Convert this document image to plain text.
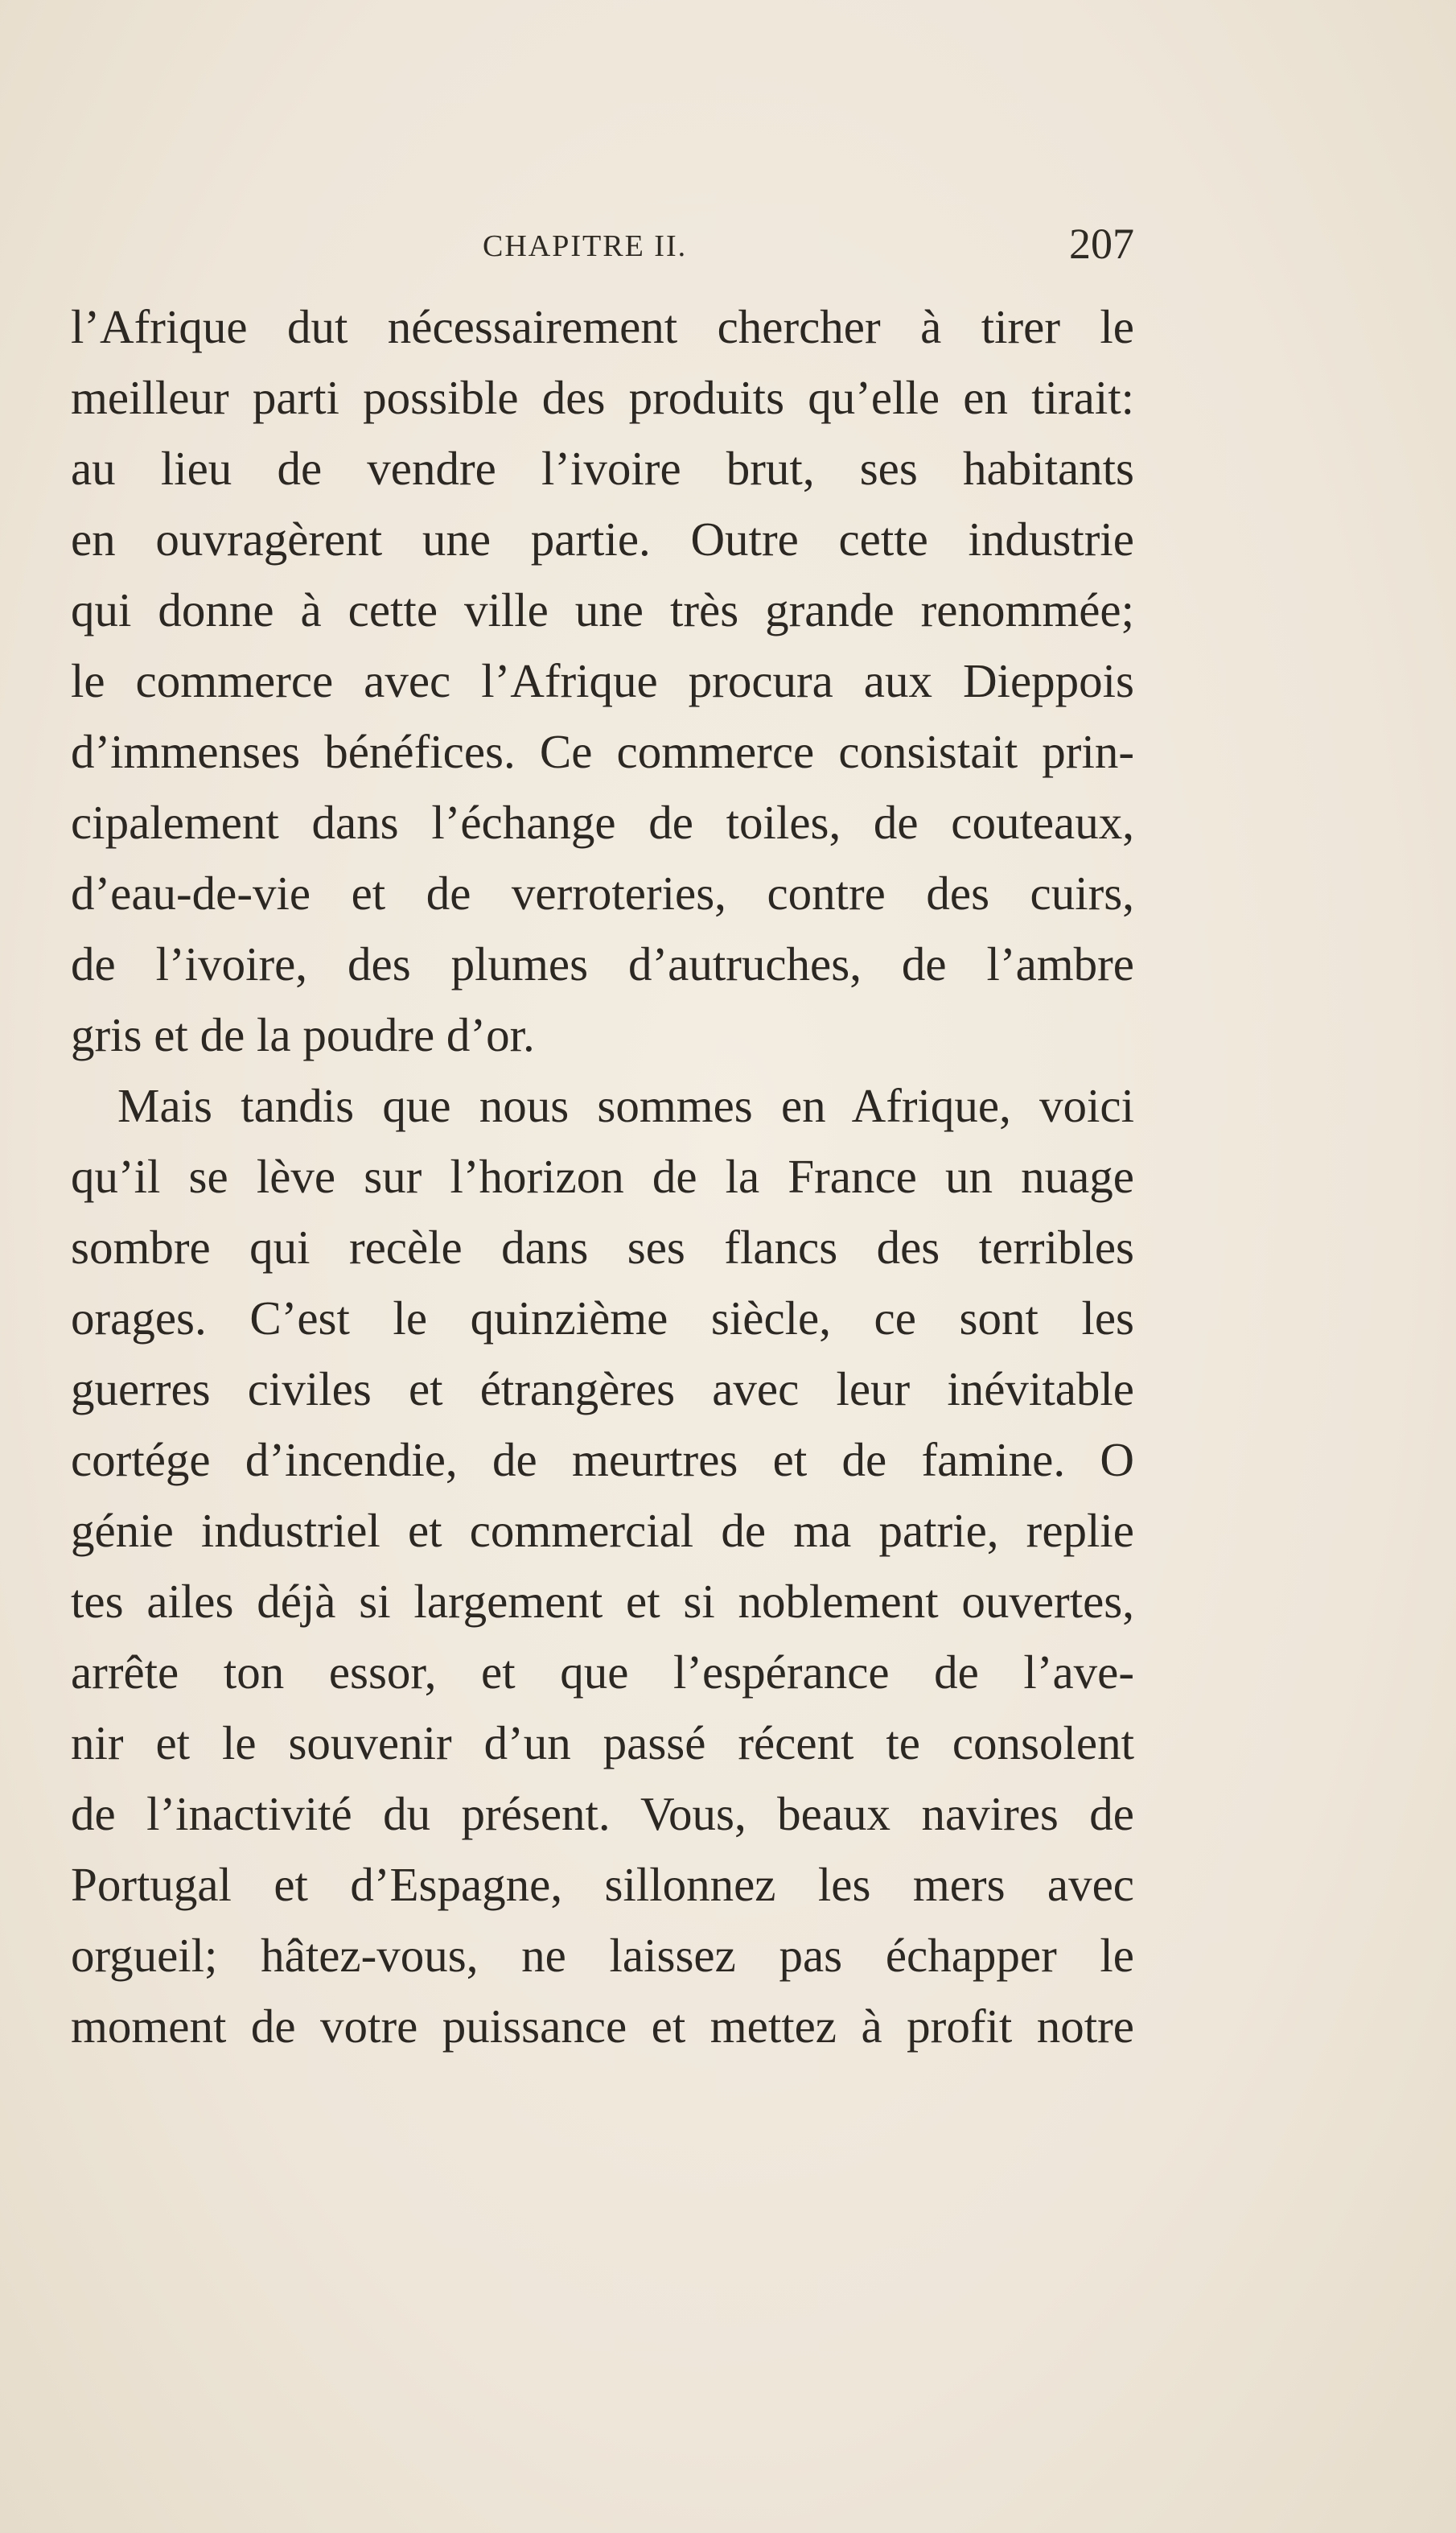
CHAPITRE II.	207
l’Afrique dut nécessairement chercher à tirer le
meilleur parti possible des produits qu’elle en tirait:
au lieu de vendre l’ivoire brut, ses habitants
en ouvragèrent une partie. Outre cette industrie
qui donne à cette ville une très grande renommée;
le commerce avec l’Afrique procura aux Dieppois
d’immenses bénéfices. Ce commerce consistait prin-
cipalement dans l’échange de toiles, de couteaux,
d’eau-de-vie et de verroteries, contre des cuirs,
de l’ivoire, des plumes d’autruches, de l’ambre
gris et de la poudre d’or.
Mais tandis que nous sommes en Afrique, voici
qu’il se lève sur l’horizon de la France un nuage
sombre qui recèle dans ses flancs des terribles
orages. C’est le quinzième siècle, ce sont les
guerres civiles et étrangères avec leur inévitable
cortége d’incendie, de meurtres et de famine. O
génie industriel et commercial de ma patrie, replie
tes ailes déjà si largement et si noblement ouvertes,
arrête ton essor, et que l’espérance de l’ave-
nir et le souvenir d’un passé récent te consolent
de l’inactivité du présent. Vous, beaux navires de
Portugal et d’Espagne, sillonnez les mers avec
orgueil; hâtez-vous, ne laissez pas échapper le
moment de votre puissance et mettez à profit notre
